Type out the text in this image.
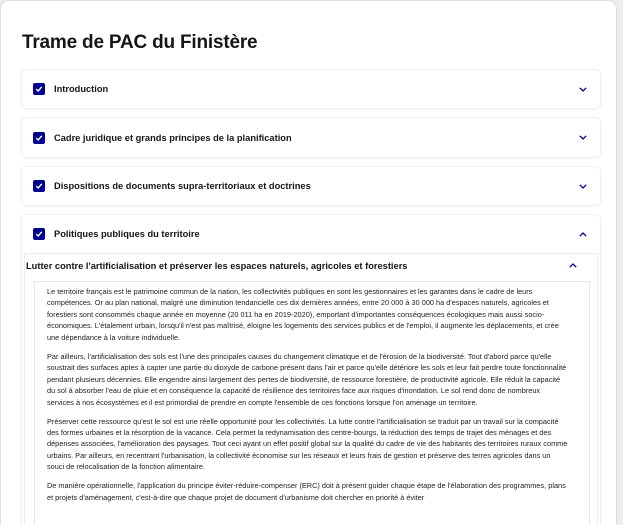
Trame de PAC du Finistère
Introduction
Cadre juridique et grands principes de la planification
Dispositions de documents supra-territoriaux et doctrines
Politiques publiques du territoire
Lutter contre l'artificialisation et préserver les espaces naturels, agricoles et forestiers

Le territoire français est le patrimoine commun de la nation, les collectivités publiques en sont les gestionnaires et les garantes dans le cadre de leurs compétences. Or au plan national, malgré une diminution tendancielle ces dix dernières années, entre 20 000 à 30 000 ha d'espaces naturels, agricoles et forestiers sont consommés chaque année en moyenne (20 011 ha en 2019-2020), emportant d'importantes conséquences écologiques mais aussi socio-économiques. L'étalement urbain, lorsqu'il n'est pas maîtrisé, éloigne les logements des services publics et de l'emploi, il augmente les déplacements, et crée une dépendance à la voiture individuelle.

Par ailleurs, l'artificialisation des sols est l'une des principales causes du changement climatique et de l'érosion de la biodiversité. Tout d'abord parce qu'elle soustrait des surfaces aptes à capter une partie du dioxyde de carbone présent dans l'air et parce qu'elle détériore les sols et leur fait perdre toute fonctionnalité pendant plusieurs décennies. Elle engendre ainsi largement des pertes de biodiversité, de ressource forestière, de productivité agricole. Elle réduit la capacité du sol à absorber l'eau de pluie et en conséquence la capacité de résilience des territoires face aux risques d'inondation. Le sol rend donc de nombreux services à nos écosystèmes et il est primordial de prendre en compte l'ensemble de ces fonctions lorsque l'on aménage un territoire.

Préserver cette ressource qu'est le sol est une réelle opportunité pour les collectivités. La lutte contre l'artificialisation se traduit par un travail sur la compacité des formes urbaines et la résorption de la vacance. Cela permet la redynamisation des centre-bourgs, la réduction des temps de trajet des ménages et des dépenses associées, l'amélioration des paysages. Tout ceci ayant un effet positif global sur la qualité du cadre de vie des habitants des territoires ruraux comme urbains. Par ailleurs, en recentrant l'urbanisation, la collectivité économise sur les réseaux et leurs frais de gestion et préserve des terres agricoles dans un souci de relocalisation de la fonction alimentaire.

De manière opérationnelle, l'application du principe éviter-réduire-compenser (ERC) doit à présent guider chaque étape de l'élaboration des programmes, plans et projets d'aménagement, c'est-à-dire que chaque projet de document d'urbanisme doit chercher en priorité à éviter
